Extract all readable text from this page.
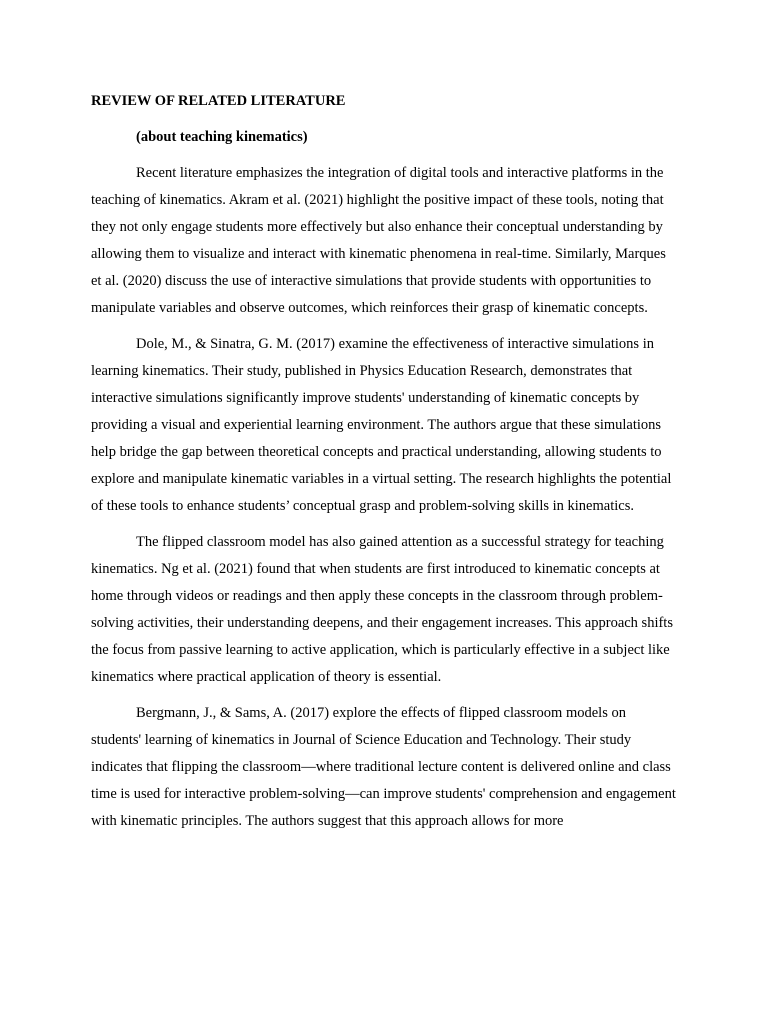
REVIEW OF RELATED LITERATURE
(about teaching kinematics)

Recent literature emphasizes the integration of digital tools and interactive platforms in the teaching of kinematics. Akram et al. (2021) highlight the positive impact of these tools, noting that they not only engage students more effectively but also enhance their conceptual understanding by allowing them to visualize and interact with kinematic phenomena in real-time. Similarly, Marques et al. (2020) discuss the use of interactive simulations that provide students with opportunities to manipulate variables and observe outcomes, which reinforces their grasp of kinematic concepts.

Dole, M., & Sinatra, G. M. (2017) examine the effectiveness of interactive simulations in learning kinematics. Their study, published in Physics Education Research, demonstrates that interactive simulations significantly improve students' understanding of kinematic concepts by providing a visual and experiential learning environment. The authors argue that these simulations help bridge the gap between theoretical concepts and practical understanding, allowing students to explore and manipulate kinematic variables in a virtual setting. The research highlights the potential of these tools to enhance students’ conceptual grasp and problem-solving skills in kinematics.

The flipped classroom model has also gained attention as a successful strategy for teaching kinematics. Ng et al. (2021) found that when students are first introduced to kinematic concepts at home through videos or readings and then apply these concepts in the classroom through problem-solving activities, their understanding deepens, and their engagement increases. This approach shifts the focus from passive learning to active application, which is particularly effective in a subject like kinematics where practical application of theory is essential.

Bergmann, J., & Sams, A. (2017) explore the effects of flipped classroom models on students' learning of kinematics in Journal of Science Education and Technology. Their study indicates that flipping the classroom—where traditional lecture content is delivered online and class time is used for interactive problem-solving—can improve students' comprehension and engagement with kinematic principles. The authors suggest that this approach allows for more
